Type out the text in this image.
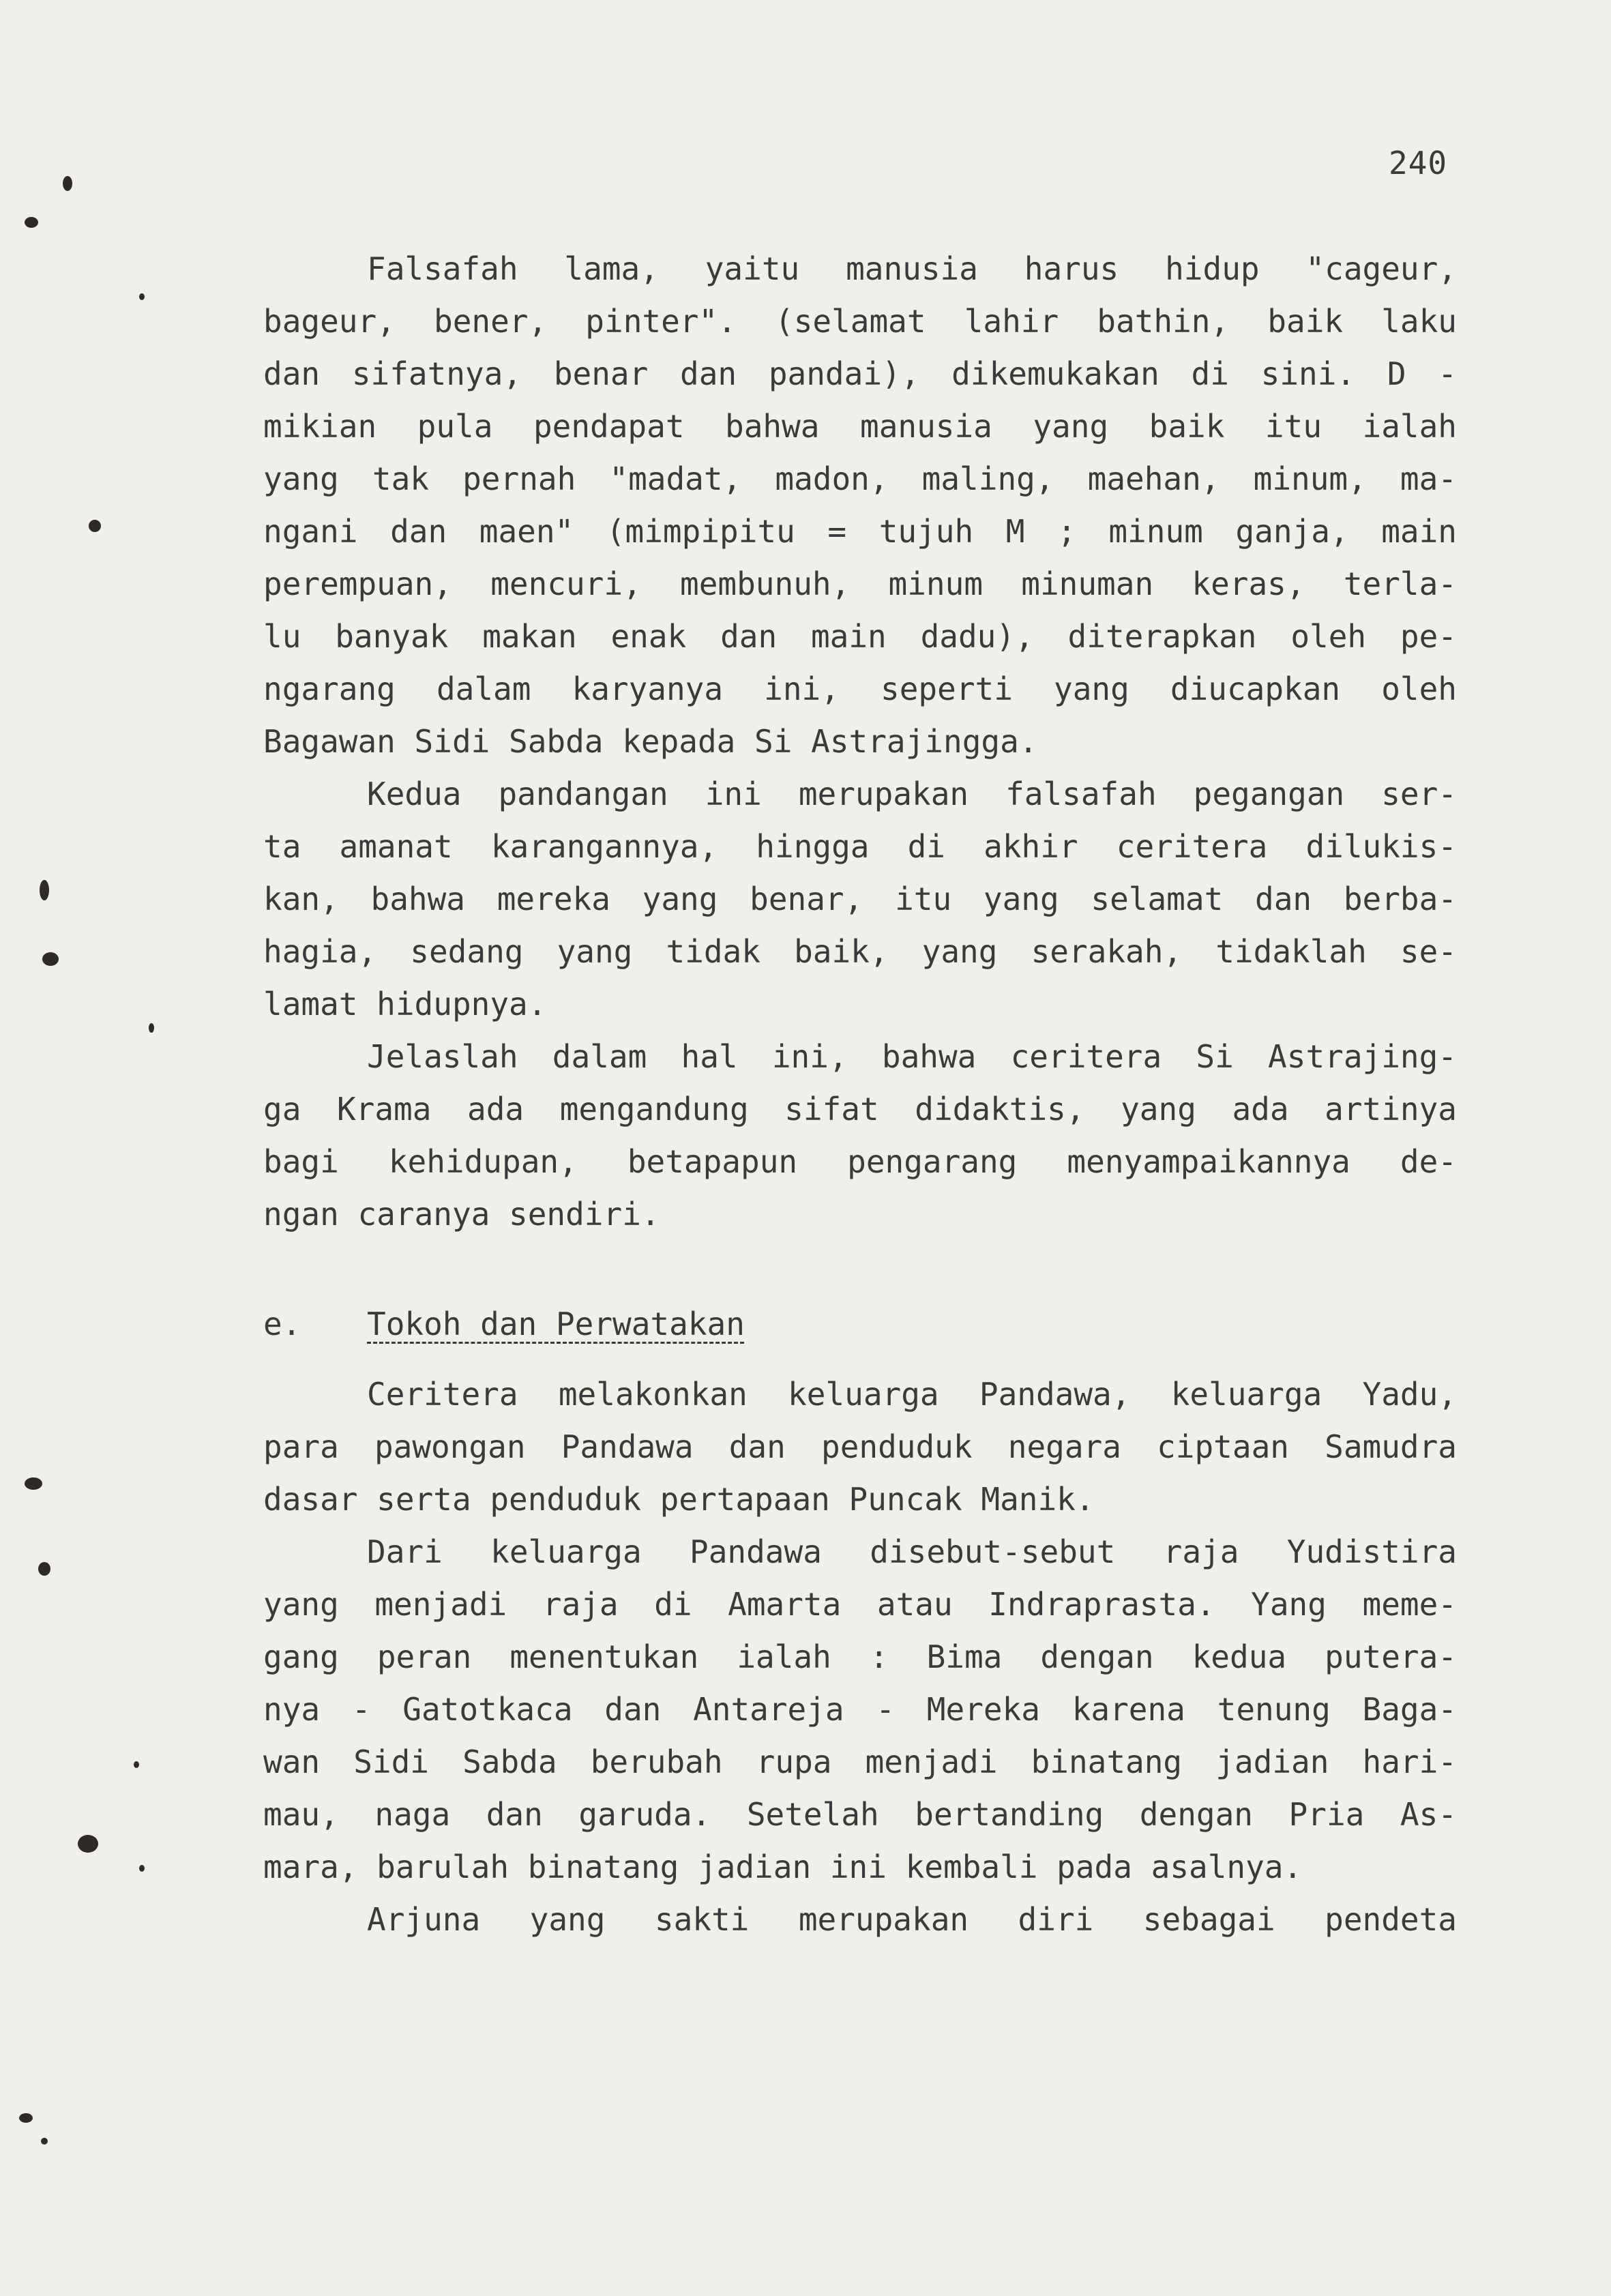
240
Falsafah lama, yaitu manusia harus hidup "cageur,
bageur, bener, pinter". (selamat lahir bathin, baik laku
dan sifatnya, benar dan pandai), dikemukakan di sini. D -
mikian pula pendapat bahwa manusia yang baik itu ialah
yang tak pernah "madat, madon, maling, maehan, minum, ma-
ngani dan maen" (mimpipitu = tujuh M ; minum ganja, main
perempuan, mencuri, membunuh, minum minuman keras, terla-
lu banyak makan enak dan main dadu), diterapkan oleh pe-
ngarang dalam karyanya ini, seperti yang diucapkan oleh
Bagawan Sidi Sabda kepada Si Astrajingga.
Kedua pandangan ini merupakan falsafah pegangan ser-
ta amanat karangannya, hingga di akhir ceritera dilukis-
kan, bahwa mereka yang benar, itu yang selamat dan berba-
hagia, sedang yang tidak baik, yang serakah, tidaklah se-
lamat hidupnya.
Jelaslah dalam hal ini, bahwa ceritera Si Astrajing-
ga Krama ada mengandung sifat didaktis, yang ada artinya
bagi kehidupan, betapapun pengarang menyampaikannya de-
ngan caranya sendiri.
e. Tokoh dan Perwatakan
Ceritera melakonkan keluarga Pandawa, keluarga Yadu,
para pawongan Pandawa dan penduduk negara ciptaan Samudra
dasar serta penduduk pertapaan Puncak Manik.
Dari keluarga Pandawa disebut-sebut raja Yudistira
yang menjadi raja di Amarta atau Indraprasta. Yang meme-
gang peran menentukan ialah : Bima dengan kedua putera-
nya - Gatotkaca dan Antareja - Mereka karena tenung Baga-
wan Sidi Sabda berubah rupa menjadi binatang jadian hari-
mau, naga dan garuda. Setelah bertanding dengan Pria As-
mara, barulah binatang jadian ini kembali pada asalnya.
Arjuna yang sakti merupakan diri sebagai pendeta
